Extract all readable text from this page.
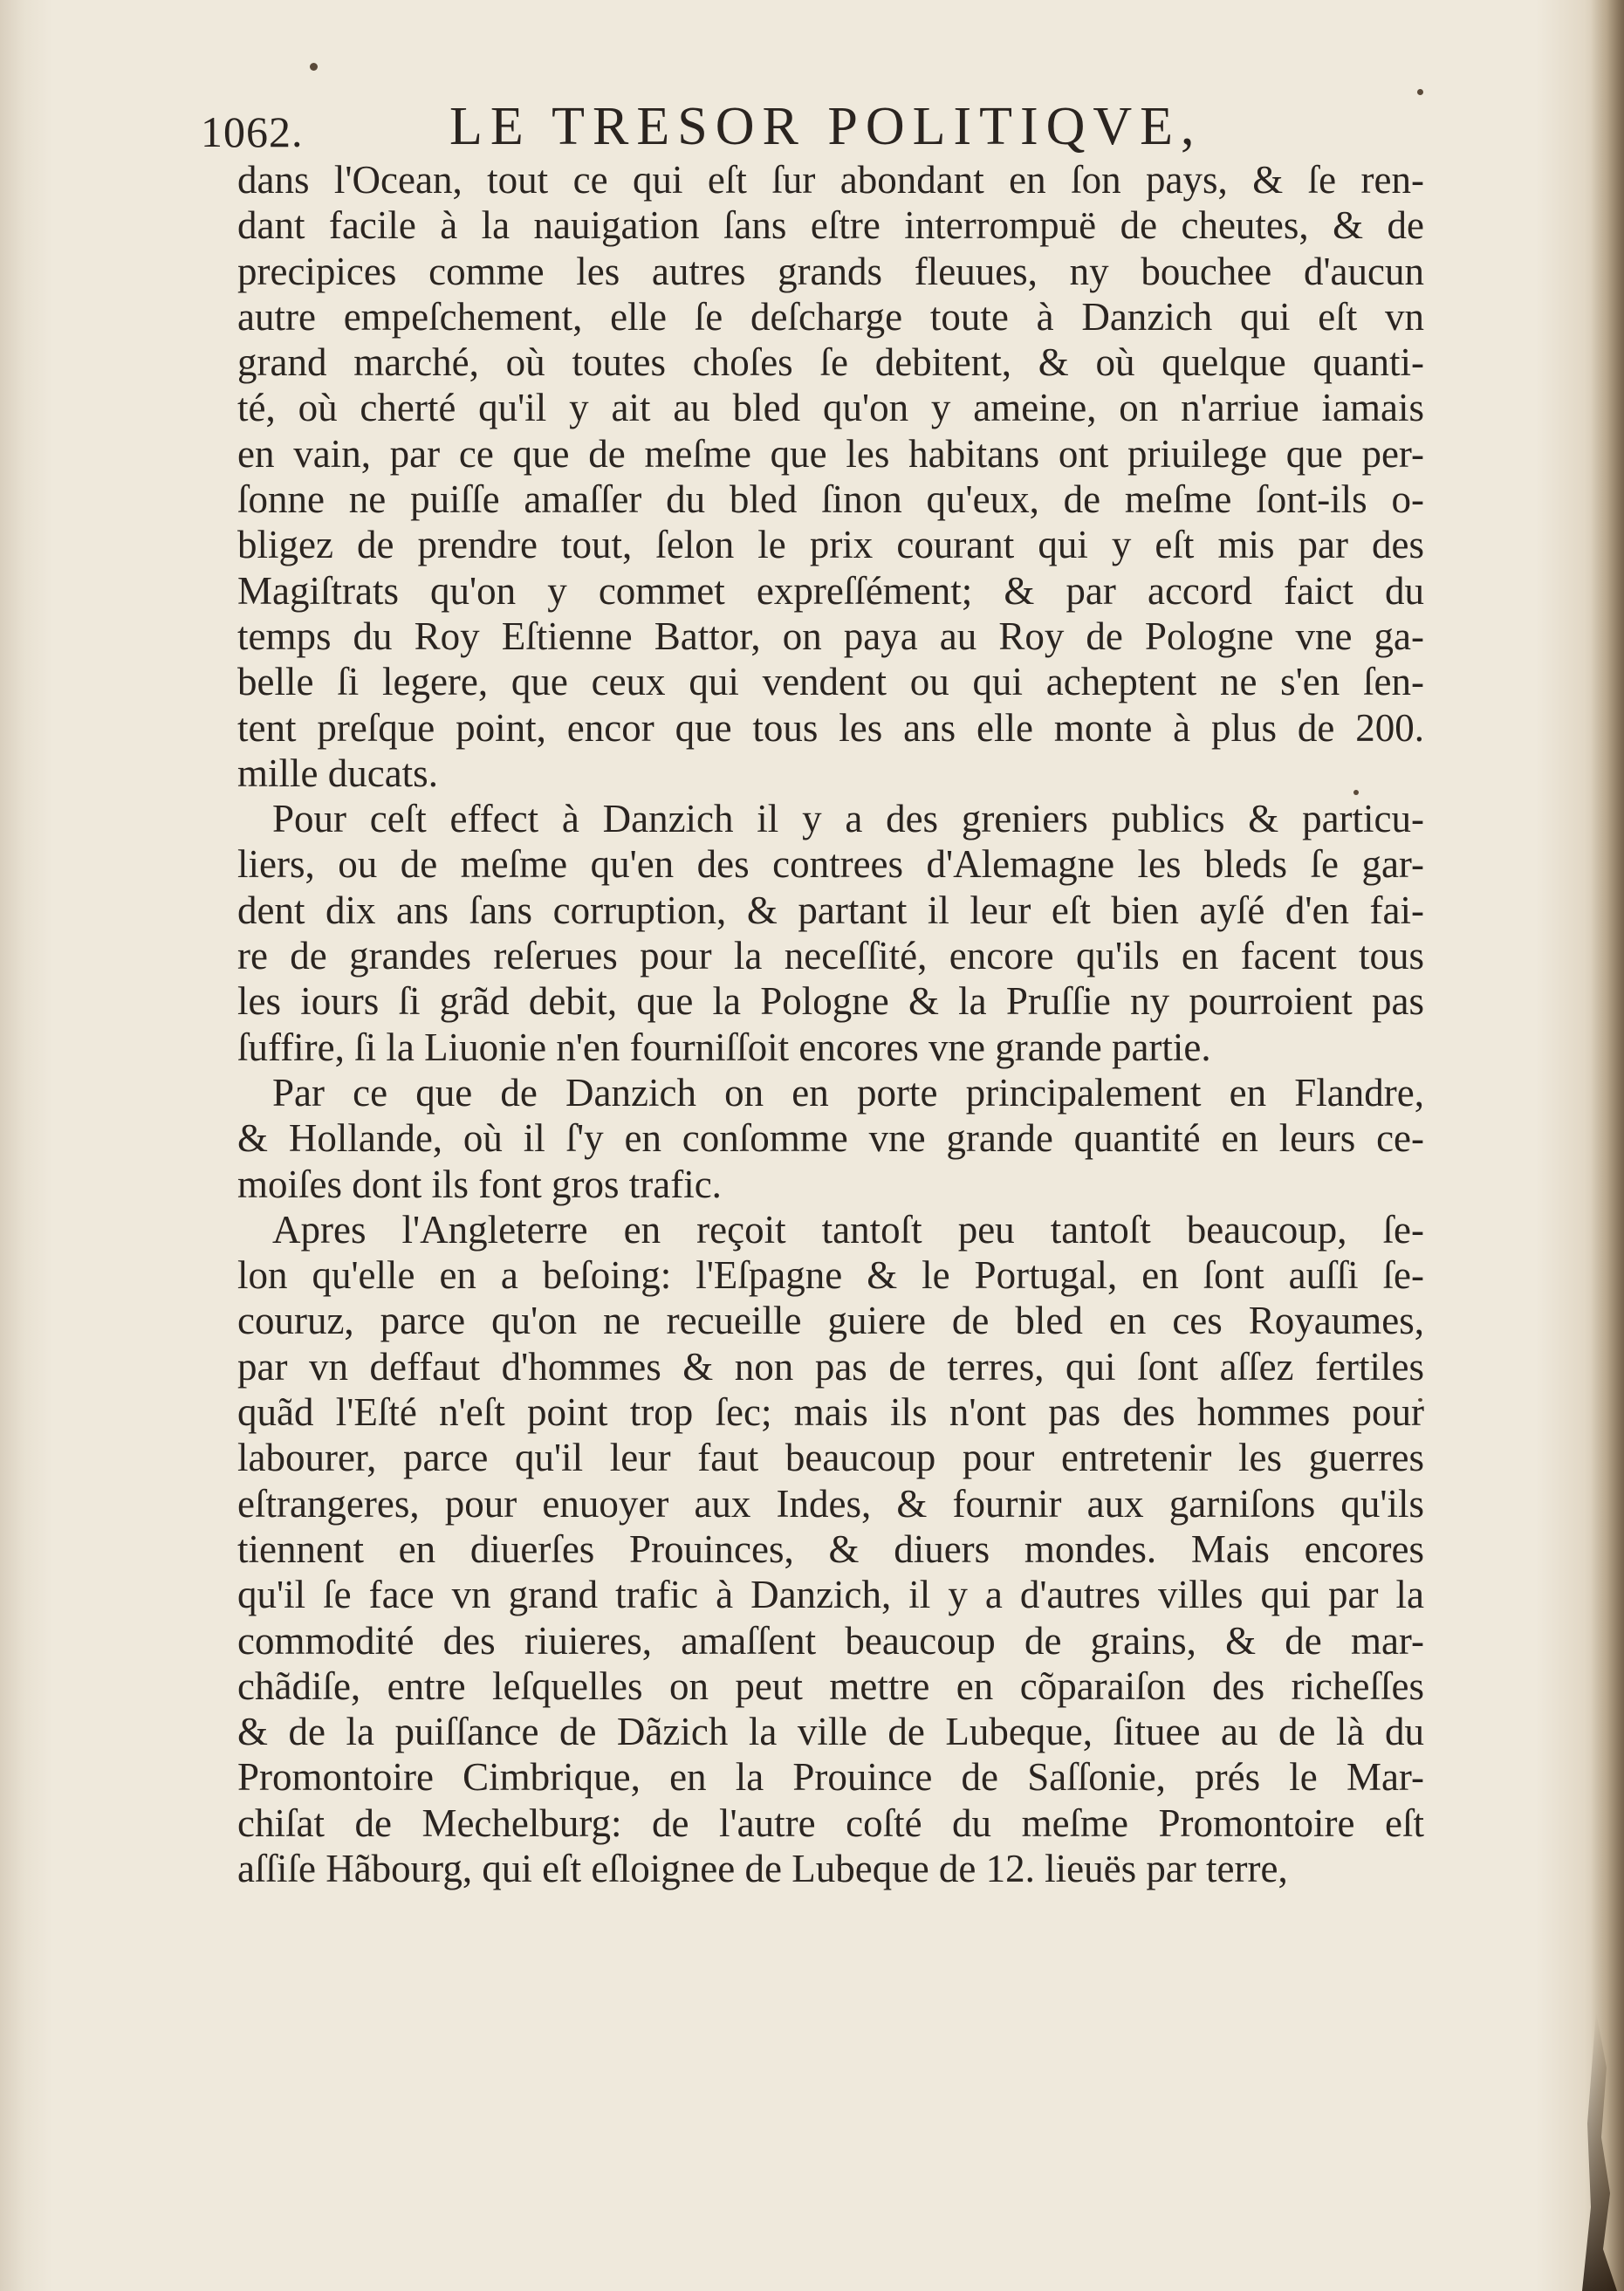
1062.	LE TRESOR POLITIQVE,
dans l'Ocean, tout ce qui eſt ſur abondant en ſon pays, & ſe ren-
dant facile à la nauigation ſans eſtre interrompuë de cheutes, & de
precipices comme les autres grands fleuues, ny bouchee d'aucun
autre empeſchement, elle ſe deſcharge toute à Danzich qui eſt vn
grand marché, où toutes choſes ſe debitent, & où quelque quanti-
té, où cherté qu'il y ait au bled qu'on y ameine, on n'arriue iamais
en vain, par ce que de meſme que les habitans ont priuilege que per-
ſonne ne puiſſe amaſſer du bled ſinon qu'eux, de meſme ſont-ils o-
bligez de prendre tout, ſelon le prix courant qui y eſt mis par des
Magiſtrats qu'on y commet expreſſément; & par accord faict du
temps du Roy Eſtienne Battor, on paya au Roy de Pologne vne ga-
belle ſi legere, que ceux qui vendent ou qui acheptent ne s'en ſen-
tent preſque point, encor que tous les ans elle monte à plus de 200.
mille ducats.
Pour ceſt effect à Danzich il y a des greniers publics & particu-
liers, ou de meſme qu'en des contrees d'Alemagne les bleds ſe gar-
dent dix ans ſans corruption, & partant il leur eſt bien ayſé d'en fai-
re de grandes reſerues pour la neceſſité, encore qu'ils en facent tous
les iours ſi grãd debit, que la Pologne & la Pruſſie ny pourroient pas
ſuffire, ſi la Liuonie n'en fourniſſoit encores vne grande partie.
Par ce que de Danzich on en porte principalement en Flandre,
& Hollande, où il ſ'y en conſomme vne grande quantité en leurs ce-
moiſes dont ils font gros trafic.
Apres l'Angleterre en reçoit tantoſt peu tantoſt beaucoup, ſe-
lon qu'elle en a beſoing: l'Eſpagne & le Portugal, en ſont auſſi ſe-
couruz, parce qu'on ne recueille guiere de bled en ces Royaumes,
par vn deffaut d'hommes & non pas de terres, qui ſont aſſez fertiles
quãd l'Eſté n'eſt point trop ſec; mais ils n'ont pas des hommes pour
labourer, parce qu'il leur faut beaucoup pour entretenir les guerres
eſtrangeres, pour enuoyer aux Indes, & fournir aux garniſons qu'ils
tiennent en diuerſes Prouinces, & diuers mondes. Mais encores
qu'il ſe face vn grand trafic à Danzich, il y a d'autres villes qui par la
commodité des riuieres, amaſſent beaucoup de grains, & de mar-
chãdiſe, entre leſquelles on peut mettre en cõparaiſon des richeſſes
& de la puiſſance de Dãzich la ville de Lubeque, ſituee au de là du
Promontoire Cimbrique, en la Prouince de Saſſonie, prés le Mar-
chiſat de Mechelburg: de l'autre coſté du meſme Promontoire eſt
aſſiſe Hãbourg, qui eſt eſloignee de Lubeque de 12. lieuës par terre,
